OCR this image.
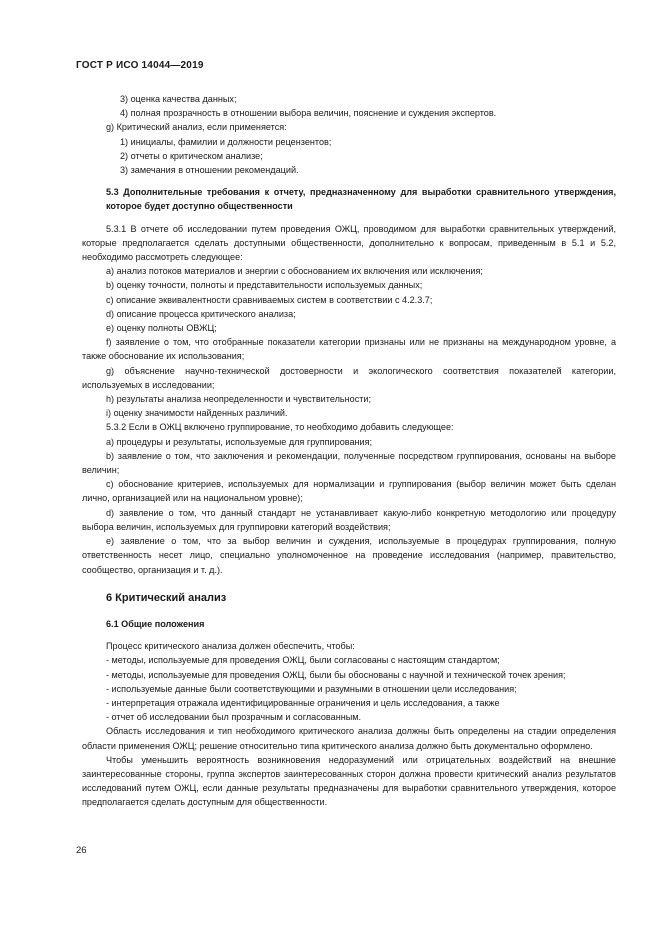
ГОСТ Р ИСО 14044—2019

3) оценка качества данных;

4) полная прозрачность в отношении выбора величин, пояснение и суждения экспертов.

g) Критический анализ, если применяется:

1) инициалы, фамилии и должности рецензентов;

2) отчеты о критическом анализе;

3) замечания в отношении рекомендаций.

5.3 Дополнительные требования к отчету, предназначенному для выработки сравнительного утверждения, которое будет доступно общественности

5.3.1 В отчете об исследовании путем проведения ОЖЦ, проводимом для выработки сравнительных утверждений, которые предполагается сделать доступными общественности, дополнительно к вопросам, приведенным в 5.1 и 5.2, необходимо рассмотреть следующее:

a) анализ потоков материалов и энергии с обоснованием их включения или исключения;

b) оценку точности, полноты и представительности используемых данных;

c) описание эквивалентности сравниваемых систем в соответствии с 4.2.3.7;

d) описание процесса критического анализа;

e) оценку полноты ОВЖЦ;

f) заявление о том, что отобранные показатели категории признаны или не признаны на международном уровне, а также обоснование их использования;

g) объяснение научно-технической достоверности и экологического соответствия показателей категории, используемых в исследовании;

h) результаты анализа неопределенности и чувствительности;

i) оценку значимости найденных различий.

5.3.2 Если в ОЖЦ включено группирование, то необходимо добавить следующее:

a) процедуры и результаты, используемые для группирования;

b) заявление о том, что заключения и рекомендации, полученные посредством группирования, основаны на выборе величин;

c) обоснование критериев, используемых для нормализации и группирования (выбор величин может быть сделан лично, организацией или на национальном уровне);

d) заявление о том, что данный стандарт не устанавливает какую-либо конкретную методологию или процедуру выбора величин, используемых для группировки категорий воздействия;

e) заявление о том, что за выбор величин и суждения, используемые в процедурах группирования, полную ответственность несет лицо, специально уполномоченное на проведение исследования (например, правительство, сообщество, организация и т. д.).

6 Критический анализ

6.1 Общие положения

Процесс критического анализа должен обеспечить, чтобы:

- методы, используемые для проведения ОЖЦ, были согласованы с настоящим стандартом;

- методы, используемые для проведения ОЖЦ, были бы обоснованы с научной и технической точек зрения;

- используемые данные были соответствующими и разумными в отношении цели исследования;

- интерпретация отражала идентифицированные ограничения и цель исследования, а также

- отчет об исследовании был прозрачным и согласованным.

Область исследования и тип необходимого критического анализа должны быть определены на стадии определения области применения ОЖЦ; решение относительно типа критического анализа должно быть документально оформлено.

Чтобы уменьшить вероятность возникновения недоразумений или отрицательных воздействий на внешние заинтересованные стороны, группа экспертов заинтересованных сторон должна провести критический анализ результатов исследований путем ОЖЦ, если данные результаты предназначены для выработки сравнительного утверждения, которое предполагается сделать доступным для общественности.

26
